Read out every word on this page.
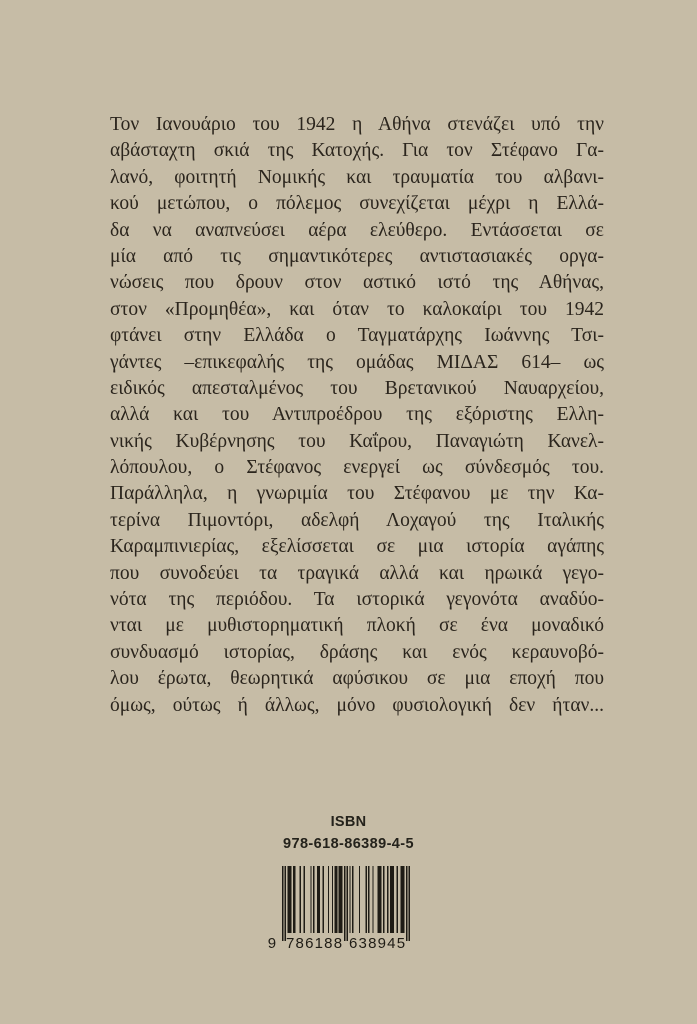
Τον Ιανουάριο του 1942 η Αθήνα στενάζει υπό την
αβάσταχτη σκιά της Κατοχής. Για τον Στέφανο Γα-
λανό, φοιτητή Νομικής και τραυματία του αλβανι-
κού μετώπου, ο πόλεμος συνεχίζεται μέχρι η Ελλά-
δα να αναπνεύσει αέρα ελεύθερο. Εντάσσεται σε
μία από τις σημαντικότερες αντιστασιακές οργα-
νώσεις που δρουν στον αστικό ιστό της Αθήνας,
στον «Προμηθέα», και όταν το καλοκαίρι του 1942
φτάνει στην Ελλάδα ο Ταγματάρχης Ιωάννης Τσι-
γάντες –επικεφαλής της ομάδας ΜΙΔΑΣ 614– ως
ειδικός απεσταλμένος του Βρετανικού Ναυαρχείου,
αλλά και του Αντιπροέδρου της εξόριστης Ελλη-
νικής Κυβέρνησης του Καΐρου, Παναγιώτη Κανελ-
λόπουλου, ο Στέφανος ενεργεί ως σύνδεσμός του.
Παράλληλα, η γνωριμία του Στέφανου με την Κα-
τερίνα Πιμοντόρι, αδελφή Λοχαγού της Ιταλικής
Καραμπινιερίας, εξελίσσεται σε μια ιστορία αγάπης
που συνοδεύει τα τραγικά αλλά και ηρωικά γεγο-
νότα της περιόδου. Τα ιστορικά γεγονότα αναδύο-
νται με μυθιστορηματική πλοκή σε ένα μοναδικό
συνδυασμό ιστορίας, δράσης και ενός κεραυνοβό-
λου έρωτα, θεωρητικά αφύσικου σε μια εποχή που
όμως, ούτως ή άλλως, μόνο φυσιολογική δεν ήταν...
ISBN
978-618-86389-4-5
9 786188 638945
